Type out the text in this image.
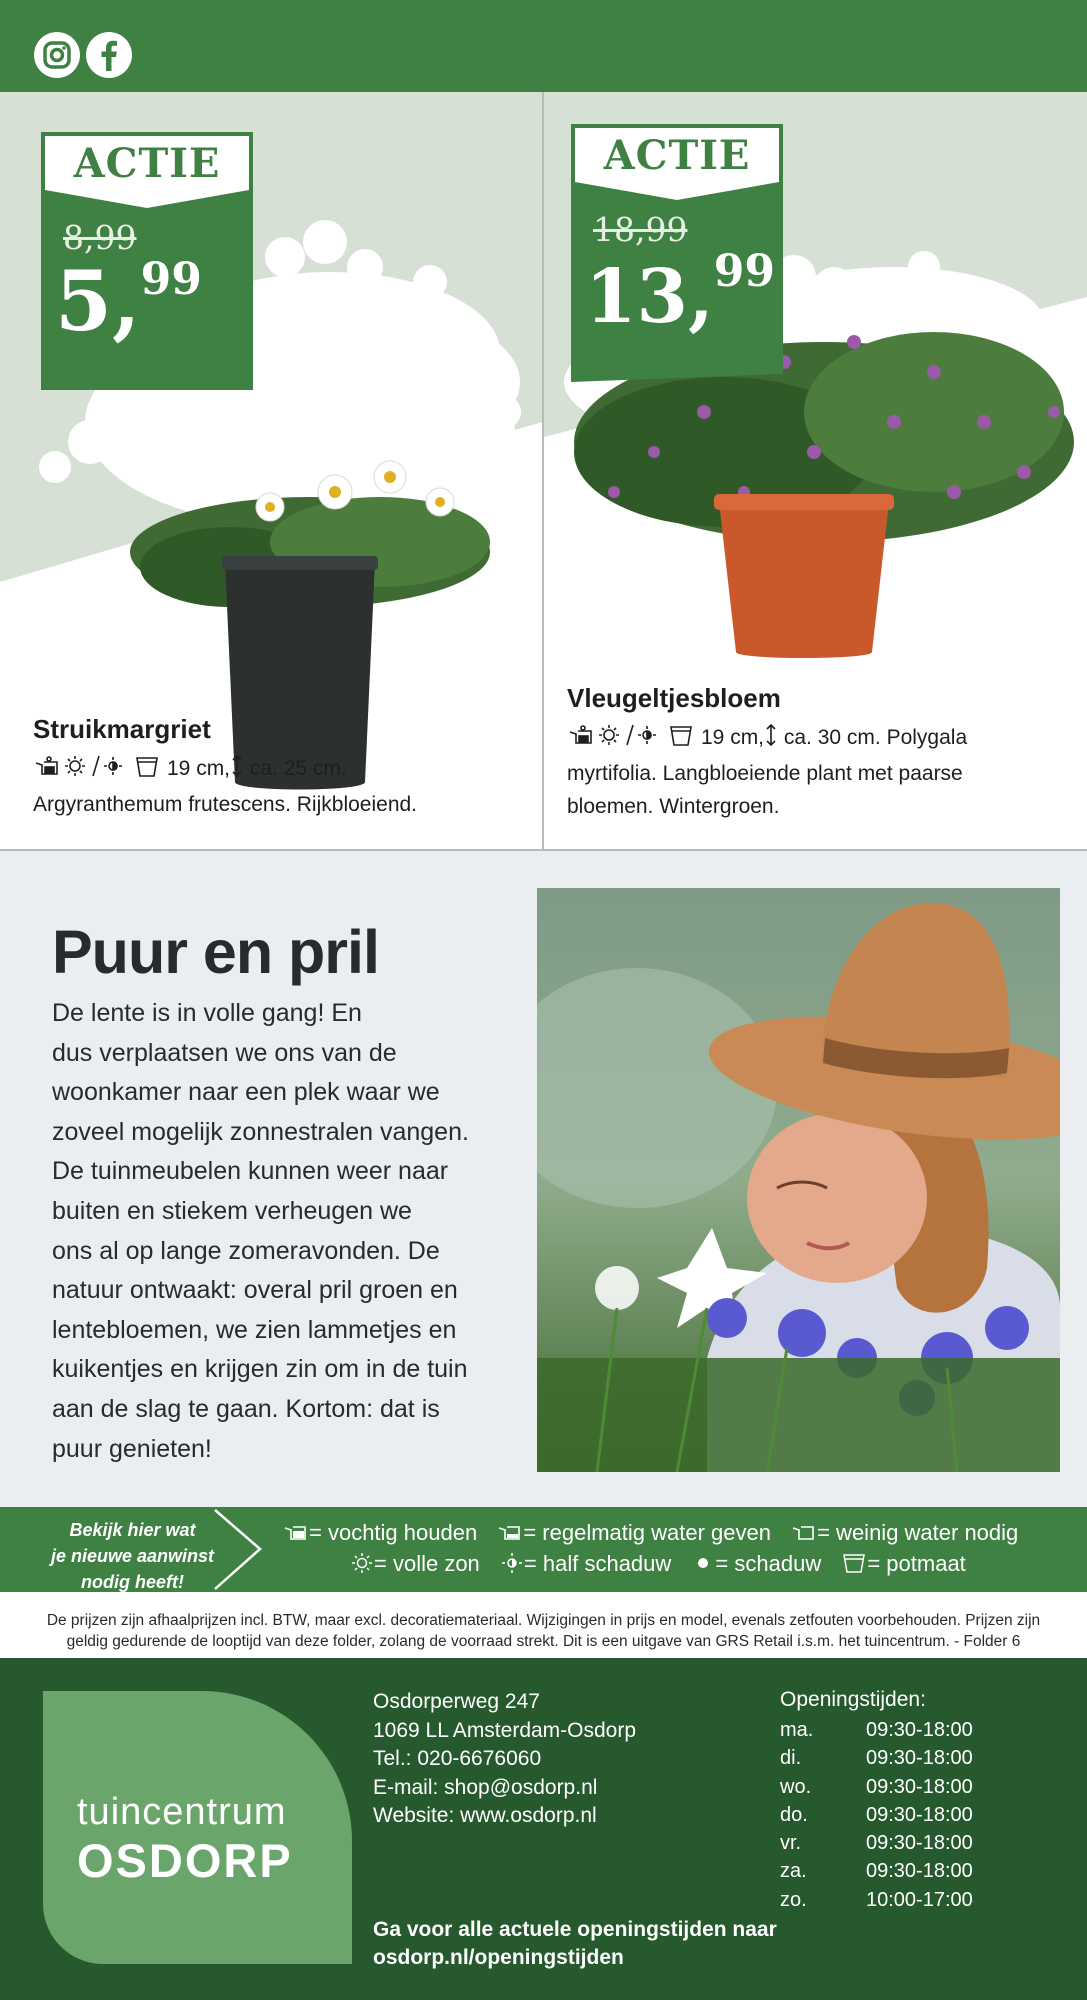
ACTIE
8,99
5,99
Struikmargriet
19 cm, ca. 25 cm.
Argyranthemum frutescens. Rijkbloeiend.
ACTIE
18,99
13,99
Vleugeltjesbloem
19 cm, ca. 30 cm. Polygala
myrtifolia. Langbloeiende plant met paarse
bloemen. Wintergroen.
Puur en pril
De lente is in volle gang! En
dus verplaatsen we ons van de
woonkamer naar een plek waar we
zoveel mogelijk zonnestralen vangen.
De tuinmeubelen kunnen weer naar
buiten en stiekem verheugen we
ons al op lange zomeravonden. De
natuur ontwaakt: overal pril groen en
lentebloemen, we zien lammetjes en
kuikentjes en krijgen zin om in de tuin
aan de slag te gaan. Kortom: dat is
puur genieten!
Bekijk hier wat
je nieuwe aanwinst
nodig heeft!
= vochtig houden = regelmatig water geven = weinig water nodig
= volle zon = half schaduw = schaduw = potmaat
De prijzen zijn afhaalprijzen incl. BTW, maar excl. decoratiemateriaal. Wijzigingen in prijs en model, evenals zetfouten voorbehouden. Prijzen zijn
geldig gedurende de looptijd van deze folder, zolang de voorraad strekt. Dit is een uitgave van GRS Retail i.s.m. het tuincentrum. - Folder 6
tuincentrum
OSDORP
Osdorperweg 247
1069 LL Amsterdam-Osdorp
Tel.: 020-6676060
E-mail: shop@osdorp.nl
Website: www.osdorp.nl
Openingstijden:
ma.	09:30-18:00
di.	09:30-18:00
wo.	09:30-18:00
do.	09:30-18:00
vr.	09:30-18:00
za.	09:30-18:00
zo.	10:00-17:00
Ga voor alle actuele openingstijden naar
osdorp.nl/openingstijden
